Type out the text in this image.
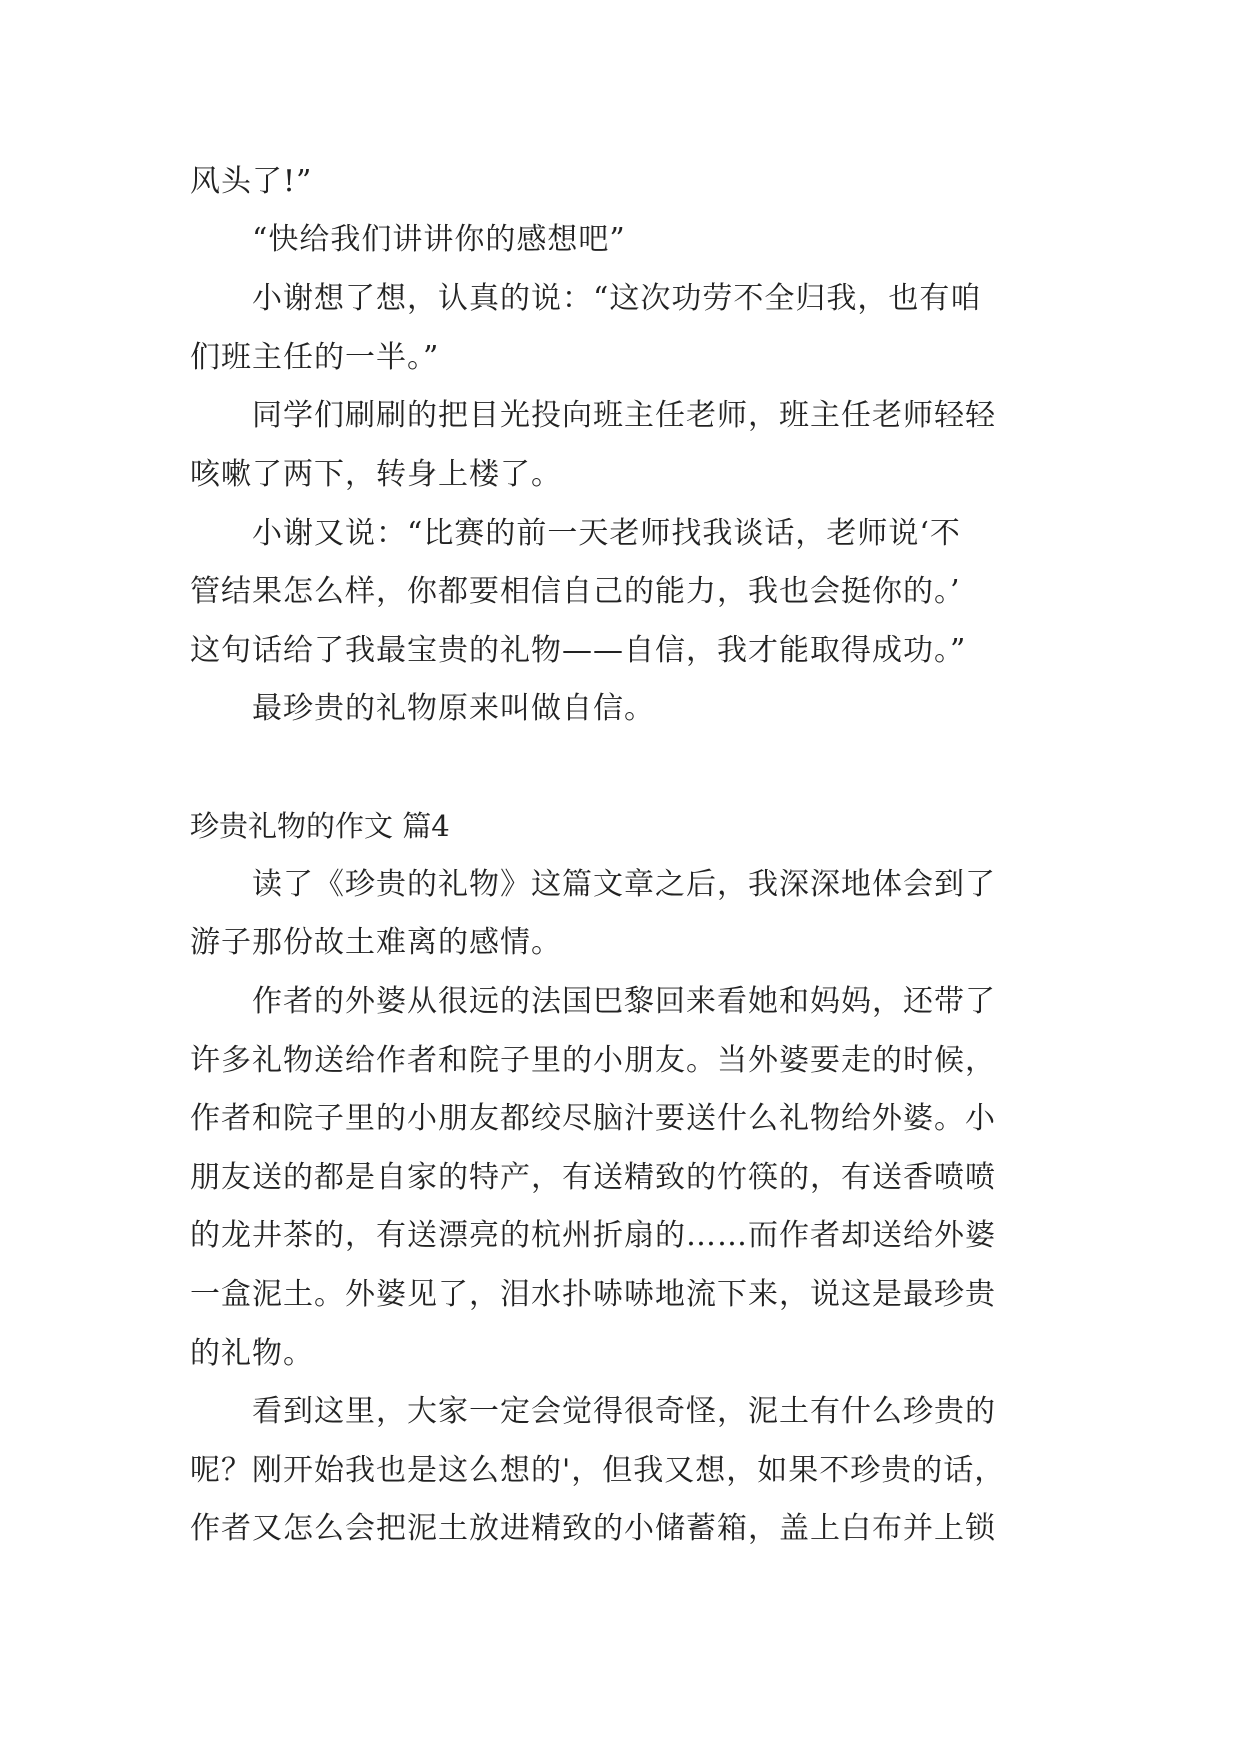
风头了!”
“快给我们讲讲你的感想吧”
小谢想了想，认真的说：“这次功劳不全归我，也有咱
们班主任的一半。”
同学们刷刷的把目光投向班主任老师，班主任老师轻轻
咳嗽了两下，转身上楼了。
小谢又说：“比赛的前一天老师找我谈话，老师说‘不
管结果怎么样，你都要相信自己的能力，我也会挺你的。’
这句话给了我最宝贵的礼物——自信，我才能取得成功。”
最珍贵的礼物原来叫做自信。
珍贵礼物的作文 篇4
读了《珍贵的礼物》这篇文章之后，我深深地体会到了
游子那份故土难离的感情。
作者的外婆从很远的法国巴黎回来看她和妈妈，还带了
许多礼物送给作者和院子里的小朋友。当外婆要走的时候，
作者和院子里的小朋友都绞尽脑汁要送什么礼物给外婆。小
朋友送的都是自家的特产，有送精致的竹筷的，有送香喷喷
的龙井茶的，有送漂亮的杭州折扇的……而作者却送给外婆
一盒泥土。外婆见了，泪水扑哧哧地流下来，说这是最珍贵
的礼物。
看到这里，大家一定会觉得很奇怪，泥土有什么珍贵的
呢？刚开始我也是这么想的'，但我又想，如果不珍贵的话，
作者又怎么会把泥土放进精致的小储蓄箱，盖上白布并上锁
